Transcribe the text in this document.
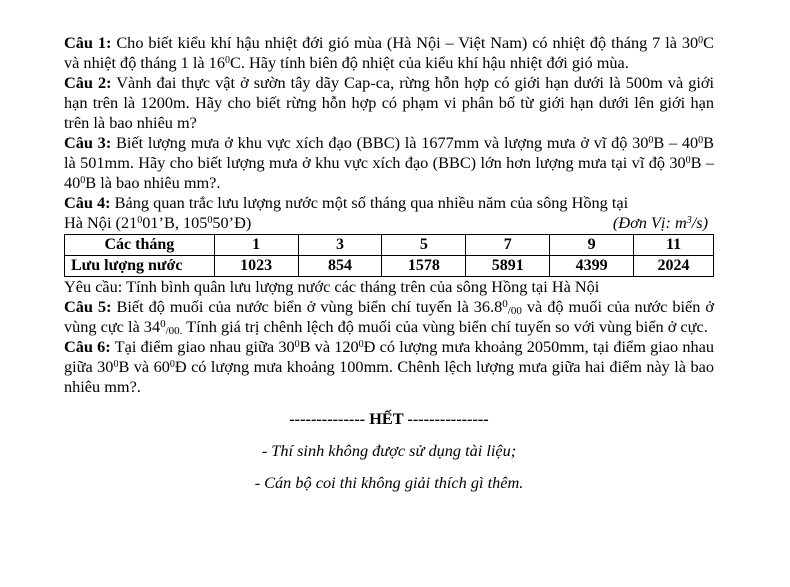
Câu 1: Cho biết kiểu khí hậu nhiệt đới gió mùa (Hà Nội – Việt Nam) có nhiệt độ tháng 7 là $30^0C$ và nhiệt độ tháng 1 là $16^0C$. Hãy tính biên độ nhiệt của kiểu khí hậu nhiệt đới gió mùa.

Câu 2: Vành đai thực vật ở sườn tây dãy Cap-ca, rừng hỗn hợp có giới hạn dưới là 500m và giới hạn trên là 1200m. Hãy cho biết rừng hỗn hợp có phạm vi phân bố từ giới hạn dưới lên giới hạn trên là bao nhiêu m?

Câu 3: Biết lượng mưa ở khu vực xích đạo (BBC) là 1677mm và lượng mưa ở vĩ độ $30^0B - 40^0B$ là 501mm. Hãy cho biết lượng mưa ở khu vực xích đạo (BBC) lớn hơn lượng mưa tại vĩ độ $30^0B - 40^0B$ là bao nhiêu mm?.

Câu 4: Bảng quan trắc lưu lượng nước một số tháng qua nhiều năm của sông Hồng tại

Hà Nội ($21^001’B$, $105^050’Đ$)	(Đơn Vị: $m^3/s$)
Các tháng	1	3	5	7	9	11
Lưu lượng nước	1023	854	1578	5891	4399	2024

Yêu cầu: Tính bình quân lưu lượng nước các tháng trên của sông Hồng tại Hà Nội

Câu 5: Biết độ muối của nước biển ở vùng biển chí tuyến là 36.8$^0$/00 và độ muối của nước biển ở vùng cực là $34^0/00$. Tính giá trị chênh lệch độ muối của vùng biển chí tuyến so với vùng biển ở cực.

Câu 6: Tại điểm giao nhau giữa $30^0B$ và $120^0Đ$ có lượng mưa khoảng 2050mm, tại điểm giao nhau giữa $30^0B$ và $60^0Đ$ có lượng mưa khoảng 100mm. Chênh lệch lượng mưa giữa hai điểm này là bao nhiêu mm?.

-------------- HẾT ---------------

- Thí sinh không được sử dụng tài liệu;

- Cán bộ coi thi không giải thích gì thêm.
